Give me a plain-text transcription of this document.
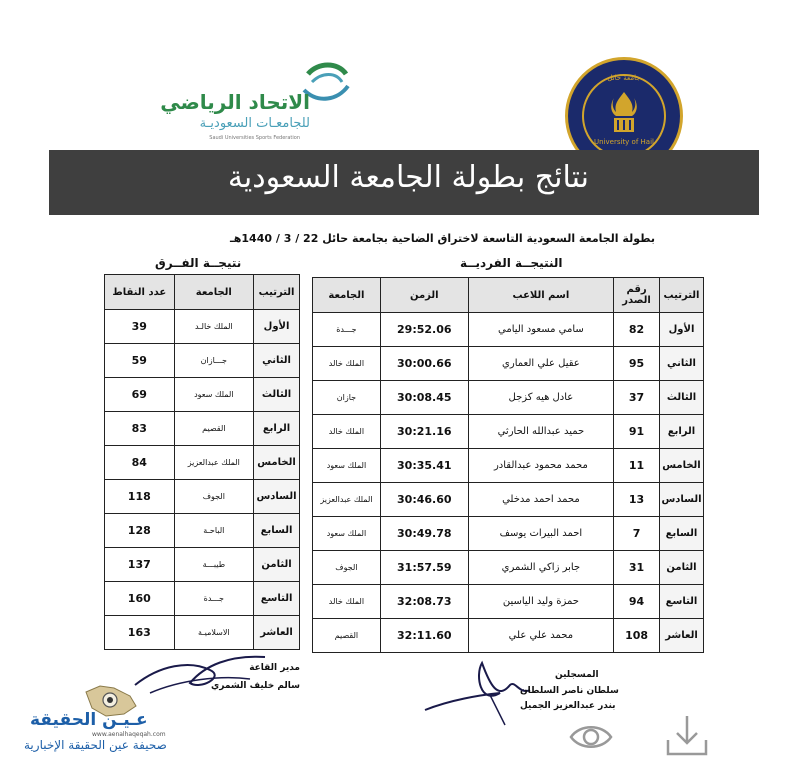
جامعة حائل
University of Hail
الاتحاد الرياضي
للجامعـات السعوديـة
Saudi Universities Sports Federation
نتائج بطولة الجامعة السعودية
بطولة الجامعة السعودية التاسعة لاختراق الضاحية بجامعة حائل 22 / 3 / 1440هـ
النتيجــة الفرديــة
نتيجــة الفــرق
الترتيب	رقم الصدر	اسم اللاعب	الزمن	الجامعة
الأول	82	سامي مسعود اليامي	29:52.06	جـــدة
الثاني	95	عقيل علي العماري	30:00.66	الملك خالد
الثالث	37	عادل هيه كزجل	30:08.45	جازان
الرابع	91	حميد عبدالله الحارثي	30:21.16	الملك خالد
الخامس	11	محمد محمود عبدالقادر	30:35.41	الملك سعود
السادس	13	محمد احمد مدخلي	30:46.60	الملك عبدالعزيز
السابع	7	احمد البيرات يوسف	30:49.78	الملك سعود
الثامن	31	جابر زاكي الشمري	31:57.59	الجوف
التاسع	94	حمزة وليد الياسين	32:08.73	الملك خالد
العاشر	108	محمد علي علي	32:11.60	القصيم
الترتيب	الجامعة	عدد النقاط
الأول	الملك خالـد	39
الثاني	جـــازان	59
الثالث	الملك سعود	69
الرابع	القصيم	83
الخامس	الملك عبدالعزيز	84
السادس	الجوف	118
السابع	الباحـة	128
الثامن	طيبـــة	137
التاسع	جـــدة	160
العاشر	الاسلاميـة	163
مدير القاعة
سالم خليف الشمري
المسجلين
سلطان ناصر السلطان
بندر عبدالعزيز الجميل
عـيـن الحقيقة
www.aenalhaqeqah.com
صحيفة عين الحقيقة الإخبارية
